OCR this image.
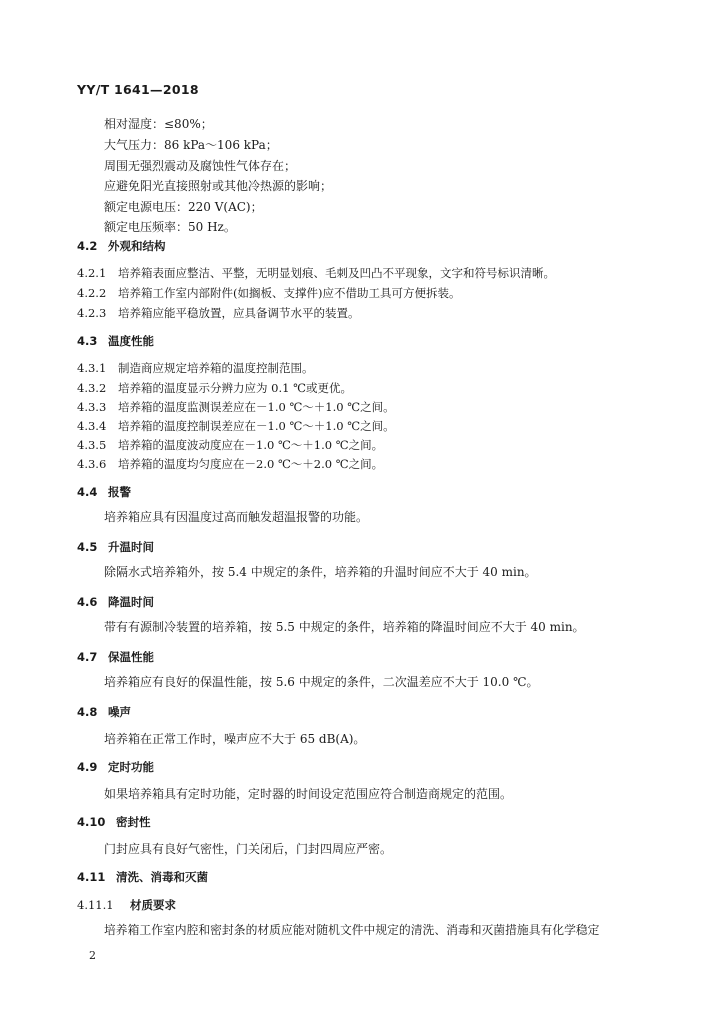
YY/T 1641—2018
相对湿度：≤80%；
大气压力：86 kPa～106 kPa；
周围无强烈震动及腐蚀性气体存在；
应避免阳光直接照射或其他冷热源的影响；
额定电源电压：220 V(AC)；
额定电压频率：50 Hz。
4.2 外观和结构
4.2.1 培养箱表面应整洁、平整，无明显划痕、毛刺及凹凸不平现象，文字和符号标识清晰。
4.2.2 培养箱工作室内部附件(如搁板、支撑件)应不借助工具可方便拆装。
4.2.3 培养箱应能平稳放置，应具备调节水平的装置。
4.3 温度性能
4.3.1 制造商应规定培养箱的温度控制范围。
4.3.2 培养箱的温度显示分辨力应为 0.1 ℃或更优。
4.3.3 培养箱的温度监测误差应在－1.0 ℃～＋1.0 ℃之间。
4.3.4 培养箱的温度控制误差应在－1.0 ℃～＋1.0 ℃之间。
4.3.5 培养箱的温度波动度应在－1.0 ℃～＋1.0 ℃之间。
4.3.6 培养箱的温度均匀度应在－2.0 ℃～＋2.0 ℃之间。
4.4 报警
培养箱应具有因温度过高而触发超温报警的功能。
4.5 升温时间
除隔水式培养箱外，按 5.4 中规定的条件，培养箱的升温时间应不大于 40 min。
4.6 降温时间
带有有源制冷装置的培养箱，按 5.5 中规定的条件，培养箱的降温时间应不大于 40 min。
4.7 保温性能
培养箱应有良好的保温性能，按 5.6 中规定的条件，二次温差应不大于 10.0 ℃。
4.8 噪声
培养箱在正常工作时，噪声应不大于 65 dB(A)。
4.9 定时功能
如果培养箱具有定时功能，定时器的时间设定范围应符合制造商规定的范围。
4.10 密封性
门封应具有良好气密性，门关闭后，门封四周应严密。
4.11 清洗、消毒和灭菌
4.11.1 材质要求
培养箱工作室内腔和密封条的材质应能对随机文件中规定的清洗、消毒和灭菌措施具有化学稳定
2
